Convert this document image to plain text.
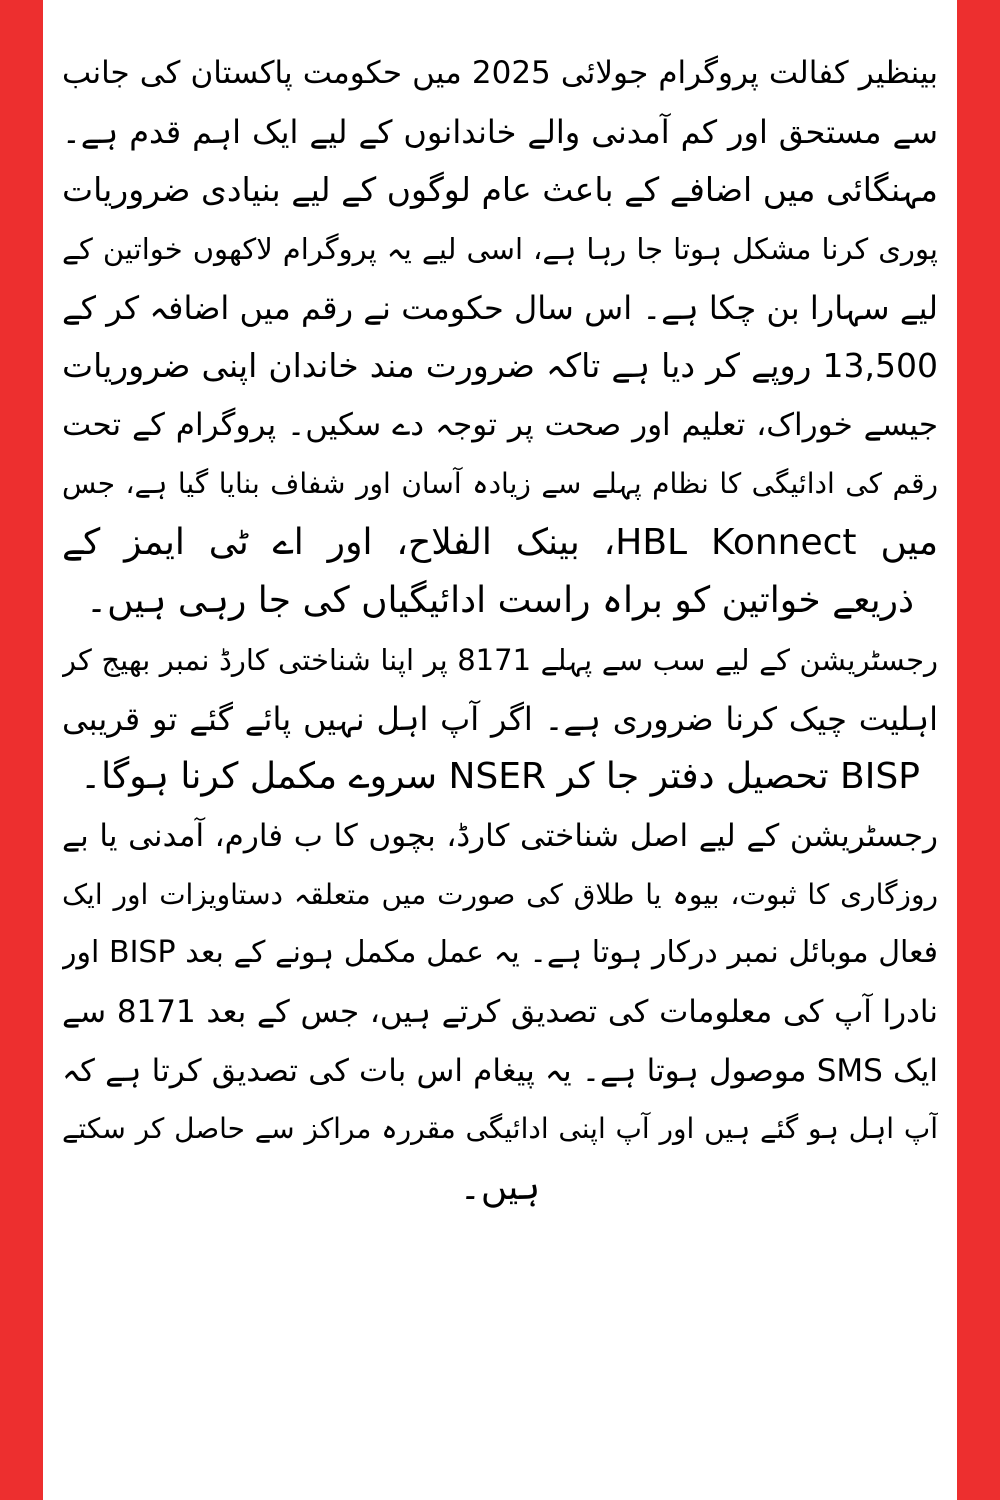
بینظیر کفالت پروگرام جولائی 2025 میں حکومت پاکستان کی جانب
سے مستحق اور کم آمدنی والے خاندانوں کے لیے ایک اہم قدم ہے۔
مہنگائی میں اضافے کے باعث عام لوگوں کے لیے بنیادی ضروریات
پوری کرنا مشکل ہوتا جا رہا ہے، اسی لیے یہ پروگرام لاکھوں خواتین کے
لیے سہارا بن چکا ہے۔ اس سال حکومت نے رقم میں اضافہ کر کے
13,500 روپے کر دیا ہے تاکہ ضرورت مند خاندان اپنی ضروریات
جیسے خوراک، تعلیم اور صحت پر توجہ دے سکیں۔ پروگرام کے تحت
رقم کی ادائیگی کا نظام پہلے سے زیادہ آسان اور شفاف بنایا گیا ہے، جس
میں HBL Konnect، بینک الفلاح، اور اے ٹی ایمز کے
ذریعے خواتین کو براہ راست ادائیگیاں کی جا رہی ہیں۔
رجسٹریشن کے لیے سب سے پہلے 8171 پر اپنا شناختی کارڈ نمبر بھیج کر
اہلیت چیک کرنا ضروری ہے۔ اگر آپ اہل نہیں پائے گئے تو قریبی
BISP تحصیل دفتر جا کر NSER سروے مکمل کرنا ہوگا۔
رجسٹریشن کے لیے اصل شناختی کارڈ، بچوں کا ب فارم، آمدنی یا بے
روزگاری کا ثبوت، بیوہ یا طلاق کی صورت میں متعلقہ دستاویزات اور ایک
فعال موبائل نمبر درکار ہوتا ہے۔ یہ عمل مکمل ہونے کے بعد BISP اور
نادرا آپ کی معلومات کی تصدیق کرتے ہیں، جس کے بعد 8171 سے
ایک SMS موصول ہوتا ہے۔ یہ پیغام اس بات کی تصدیق کرتا ہے کہ
آپ اہل ہو گئے ہیں اور آپ اپنی ادائیگی مقررہ مراکز سے حاصل کر سکتے
ہیں۔
